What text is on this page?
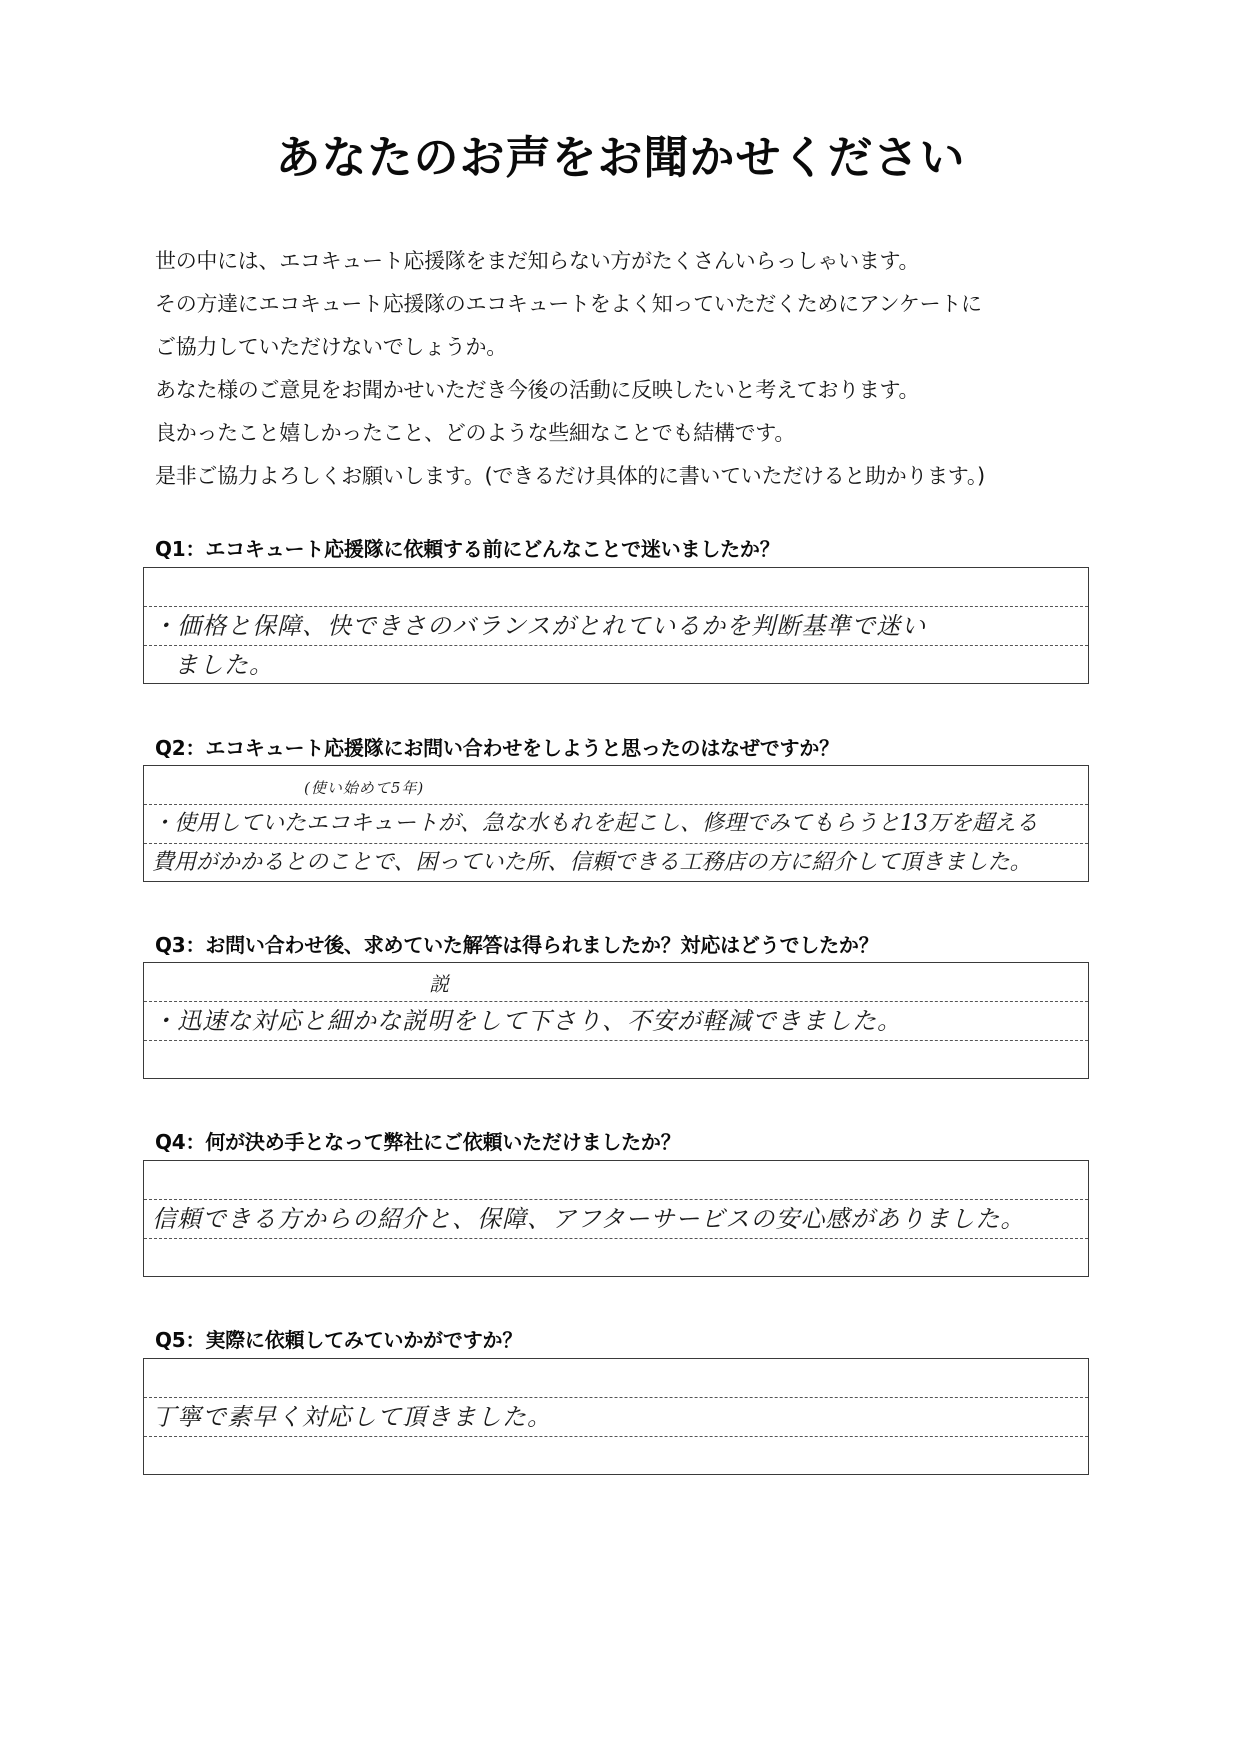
あなたのお声をお聞かせください
世の中には、エコキュート応援隊をまだ知らない方がたくさんいらっしゃいます。
その方達にエコキュート応援隊のエコキュートをよく知っていただくためにアンケートに
ご協力していただけないでしょうか。
あなた様のご意見をお聞かせいただき今後の活動に反映したいと考えております。
良かったこと嬉しかったこと、どのような些細なことでも結構です。
是非ご協力よろしくお願いします。(できるだけ具体的に書いていただけると助かります。)
Q1：エコキュート応援隊に依頼する前にどんなことで迷いましたか？
・価格と保障、快できさのバランスがとれているかを判断基準で迷い
ました。
Q2：エコキュート応援隊にお問い合わせをしようと思ったのはなぜですか？
(使い始めて5年)
・使用していたエコキュートが、急な水もれを起こし、修理でみてもらうと13万を超える
費用がかかるとのことで、困っていた所、信頼できる工務店の方に紹介して頂きました。
Q3：お問い合わせ後、求めていた解答は得られましたか？対応はどうでしたか？
説
・迅速な対応と細かな説明をして下さり、不安が軽減できました。
Q4：何が決め手となって弊社にご依頼いただけましたか？
信頼できる方からの紹介と、保障、アフターサービスの安心感がありました。
Q5：実際に依頼してみていかがですか？
丁寧で素早く対応して頂きました。
